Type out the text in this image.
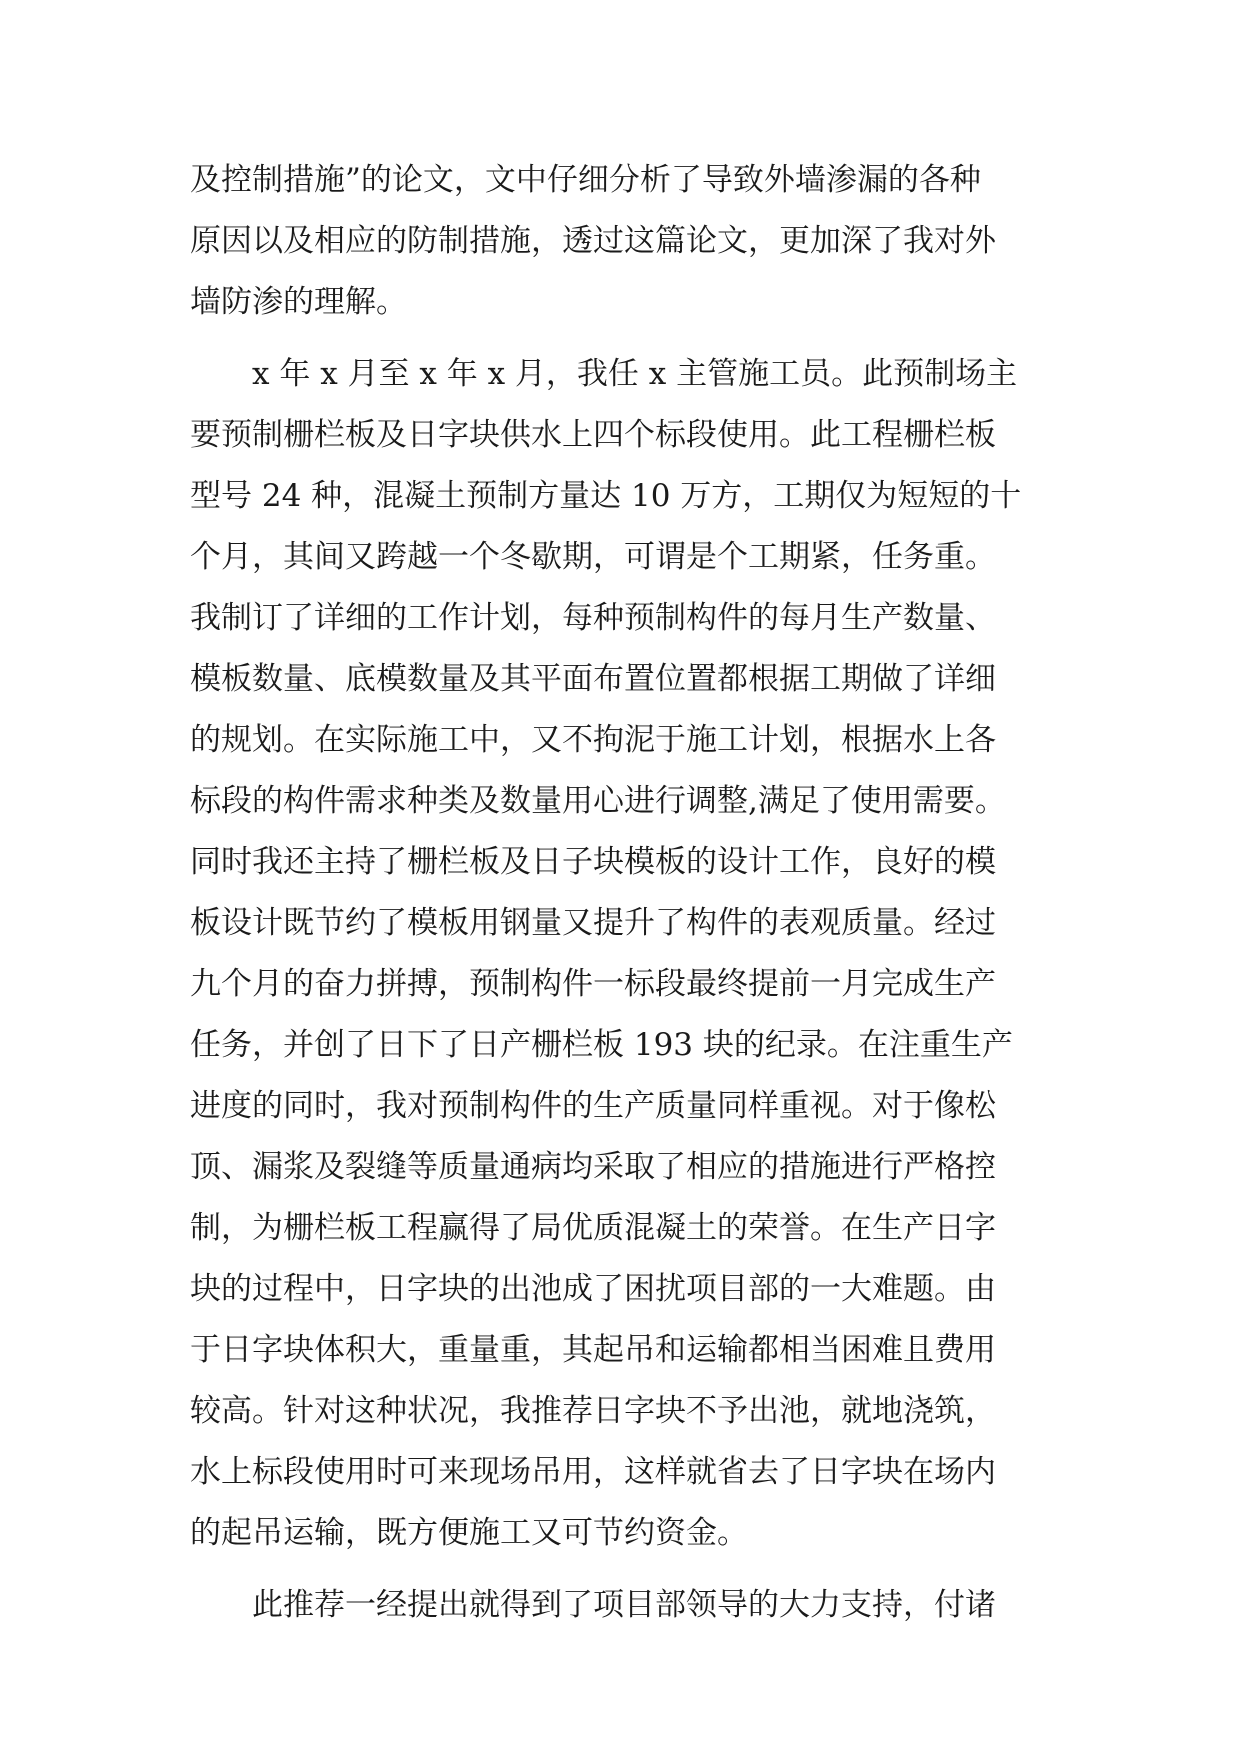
及控制措施”的论文，文中仔细分析了导致外墙渗漏的各种
原因以及相应的防制措施，透过这篇论文，更加深了我对外
墙防渗的理解。
　　x 年 x 月至 x 年 x 月，我任 x 主管施工员。此预制场主
要预制栅栏板及日字块供水上四个标段使用。此工程栅栏板
型号 24 种，混凝土预制方量达 10 万方，工期仅为短短的十
个月，其间又跨越一个冬歇期，可谓是个工期紧，任务重。
我制订了详细的工作计划，每种预制构件的每月生产数量、
模板数量、底模数量及其平面布置位置都根据工期做了详细
的规划。在实际施工中，又不拘泥于施工计划，根据水上各
标段的构件需求种类及数量用心进行调整,满足了使用需要。
同时我还主持了栅栏板及日子块模板的设计工作，良好的模
板设计既节约了模板用钢量又提升了构件的表观质量。经过
九个月的奋力拼搏，预制构件一标段最终提前一月完成生产
任务，并创了日下了日产栅栏板 193 块的纪录。在注重生产
进度的同时，我对预制构件的生产质量同样重视。对于像松
顶、漏浆及裂缝等质量通病均采取了相应的措施进行严格控
制，为栅栏板工程赢得了局优质混凝土的荣誉。在生产日字
块的过程中，日字块的出池成了困扰项目部的一大难题。由
于日字块体积大，重量重，其起吊和运输都相当困难且费用
较高。针对这种状况，我推荐日字块不予出池，就地浇筑，
水上标段使用时可来现场吊用，这样就省去了日字块在场内
的起吊运输，既方便施工又可节约资金。
　　此推荐一经提出就得到了项目部领导的大力支持，付诸
